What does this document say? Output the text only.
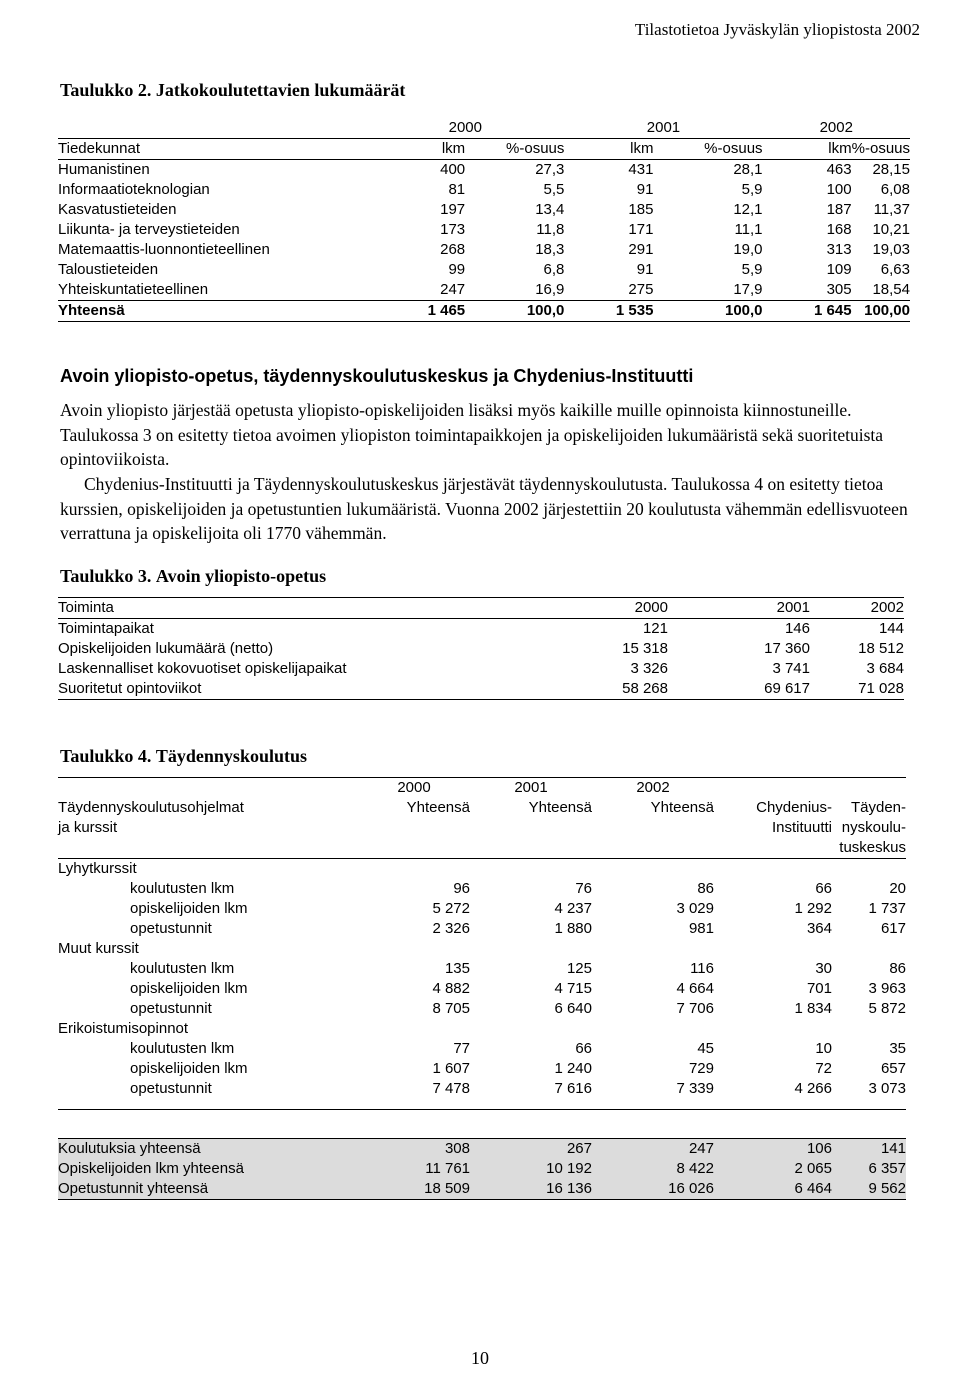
Tilastotietoa Jyväskylän yliopistosta 2002
Taulukko 2. Jatkokoulutettavien lukumäärät
	2000		2001		2002	
Tiedekunnat	lkm	%-osuus	lkm	%-osuus	lkm	%-osuus
Humanistinen	400	27,3	431	28,1	463	28,15
Informaatioteknologian	81	5,5	91	5,9	100	6,08
Kasvatustieteiden	197	13,4	185	12,1	187	11,37
Liikunta- ja terveystieteiden	173	11,8	171	11,1	168	10,21
Matemaattis-luonnontieteellinen	268	18,3	291	19,0	313	19,03
Taloustieteiden	99	6,8	91	5,9	109	6,63
Yhteiskuntatieteellinen	247	16,9	275	17,9	305	18,54
Yhteensä	1 465	100,0	1 535	100,0	1 645	100,00
Avoin yliopisto-opetus, täydennyskoulutuskeskus ja Chydenius-Instituutti
Avoin yliopisto järjestää opetusta yliopisto-opiskelijoiden lisäksi myös kaikille muille opinnoista kiinnostuneille. Taulukossa 3 on esitetty tietoa avoimen yliopiston toimintapaikkojen ja opiskelijoiden lukumääristä sekä suoritetuista opintoviikoista.
Chydenius-Instituutti ja Täydennyskoulutuskeskus järjestävät täydennyskoulutusta. Taulukossa 4 on esitetty tietoa kurssien, opiskelijoiden ja opetustuntien lukumääristä. Vuonna 2002 järjestettiin 20 koulutusta vähemmän edellisvuoteen verrattuna ja opiskelijoita oli 1770 vähemmän.
Taulukko 3. Avoin yliopisto-opetus
Toiminta	2000	2001	2002
Toimintapaikat	121	146	144
Opiskelijoiden lukumäärä (netto)	15 318	17 360	18 512
Laskennalliset kokovuotiset opiskelijapaikat	3 326	3 741	3 684
Suoritetut opintoviikot	58 268	69 617	71 028
Taulukko 4. Täydennyskoulutus
	2000	2001	2002		
Täydennyskoulutusohjelmat	Yhteensä	Yhteensä	Yhteensä	Chydenius-	Täyden-
ja kurssit				Instituutti	nyskoulu-
					tuskeskus
Lyhytkurssit					
koulutusten lkm	96	76	86	66	20
opiskelijoiden lkm	5 272	4 237	3 029	1 292	1 737
opetustunnit	2 326	1 880	981	364	617
Muut kurssit					
koulutusten lkm	135	125	116	30	86
opiskelijoiden lkm	4 882	4 715	4 664	701	3 963
opetustunnit	8 705	6 640	7 706	1 834	5 872
Erikoistumisopinnot					
koulutusten lkm	77	66	45	10	35
opiskelijoiden lkm	1 607	1 240	729	72	657
opetustunnit	7 478	7 616	7 339	4 266	3 073

Koulutuksia yhteensä	308	267	247	106	141
Opiskelijoiden lkm yhteensä	11 761	10 192	8 422	2 065	6 357
Opetustunnit yhteensä	18 509	16 136	16 026	6 464	9 562
10
